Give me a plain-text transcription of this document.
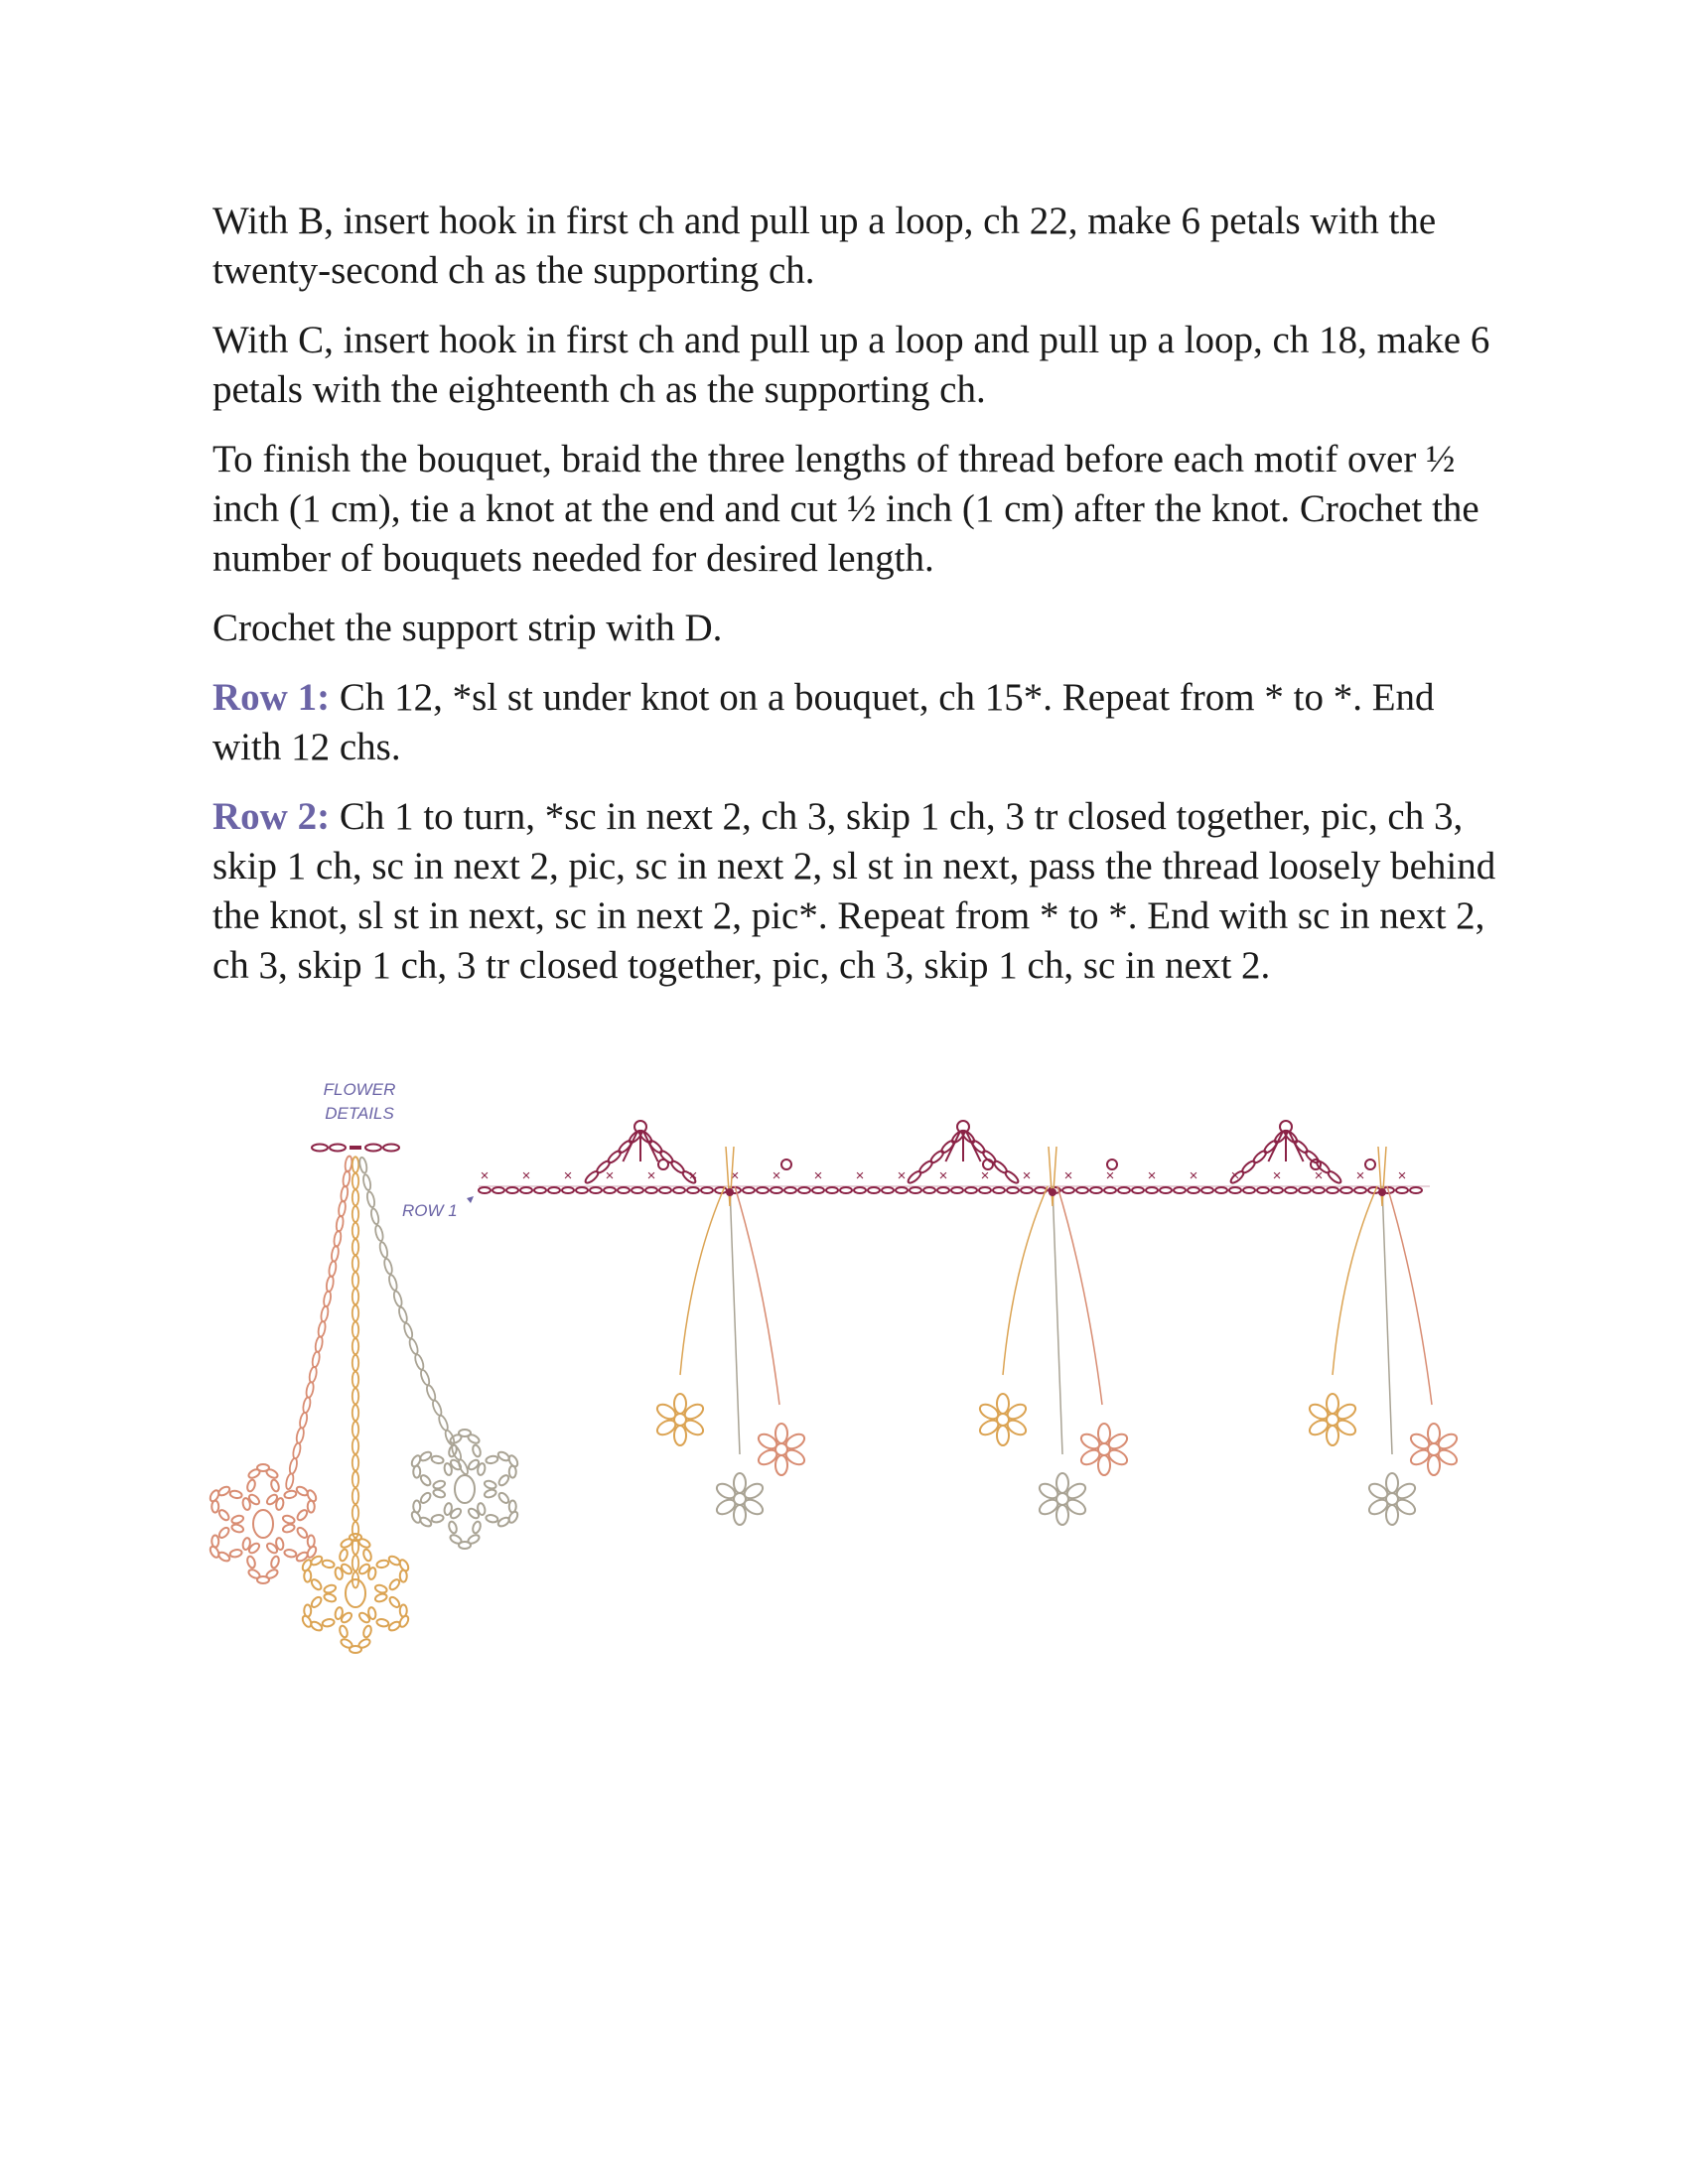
With B, insert hook in first ch and pull up a loop, ch 22, make 6 petals with the twenty-second ch as the supporting ch.

With C, insert hook in first ch and pull up a loop and pull up a loop, ch 18, make 6 petals with the eighteenth ch as the supporting ch.

To finish the bouquet, braid the three lengths of thread before each motif over ½ inch (1 cm), tie a knot at the end and cut ½ inch (1 cm) after the knot. Crochet the number of bouquets needed for desired length.

Crochet the support strip with D.

Row 1: Ch 12, *sl st under knot on a bouquet, ch 15*. Repeat from * to *. End with 12 chs.

Row 2: Ch 1 to turn, *sc in next 2, ch 3, skip 1 ch, 3 tr closed together, pic, ch 3, skip 1 ch, sc in next 2, pic, sc in next 2, sl st in next, pass the thread loosely behind the knot, sl st in next, sc in next 2, pic*. Repeat from * to *. End with sc in next 2, ch 3, skip 1 ch, 3 tr closed together, pic, ch 3, skip 1 ch, sc in next 2.

FLOWER
DETAILS
ROW 1
× × × × × × × × × × × × × × × × × × × × × × ×
